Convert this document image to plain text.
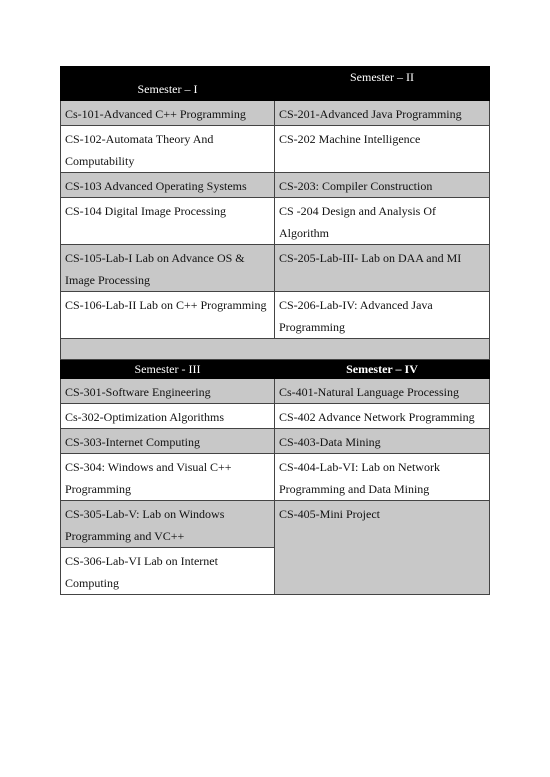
Semester – I	Semester – II
Cs-101-Advanced C++ Programming	CS-201-Advanced Java Programming
CS-102-Automata Theory And Computability	CS-202 Machine Intelligence
CS-103 Advanced Operating Systems	CS-203: Compiler Construction
CS-104 Digital Image Processing	CS -204 Design and Analysis Of Algorithm
CS-105-Lab-I Lab on Advance OS & Image Processing	CS-205-Lab-III- Lab on DAA and MI
CS-106-Lab-II Lab on C++ Programming	CS-206-Lab-IV: Advanced Java Programming

Semester - III	Semester – IV
CS-301-Software Engineering	Cs-401-Natural Language Processing
Cs-302-Optimization Algorithms	CS-402 Advance Network Programming
CS-303-Internet Computing	CS-403-Data Mining
CS-304: Windows and Visual C++ Programming	CS-404-Lab-VI: Lab on Network Programming and Data Mining
CS-305-Lab-V: Lab on Windows Programming and VC++	CS-405-Mini Project
CS-306-Lab-VI Lab on Internet Computing	
